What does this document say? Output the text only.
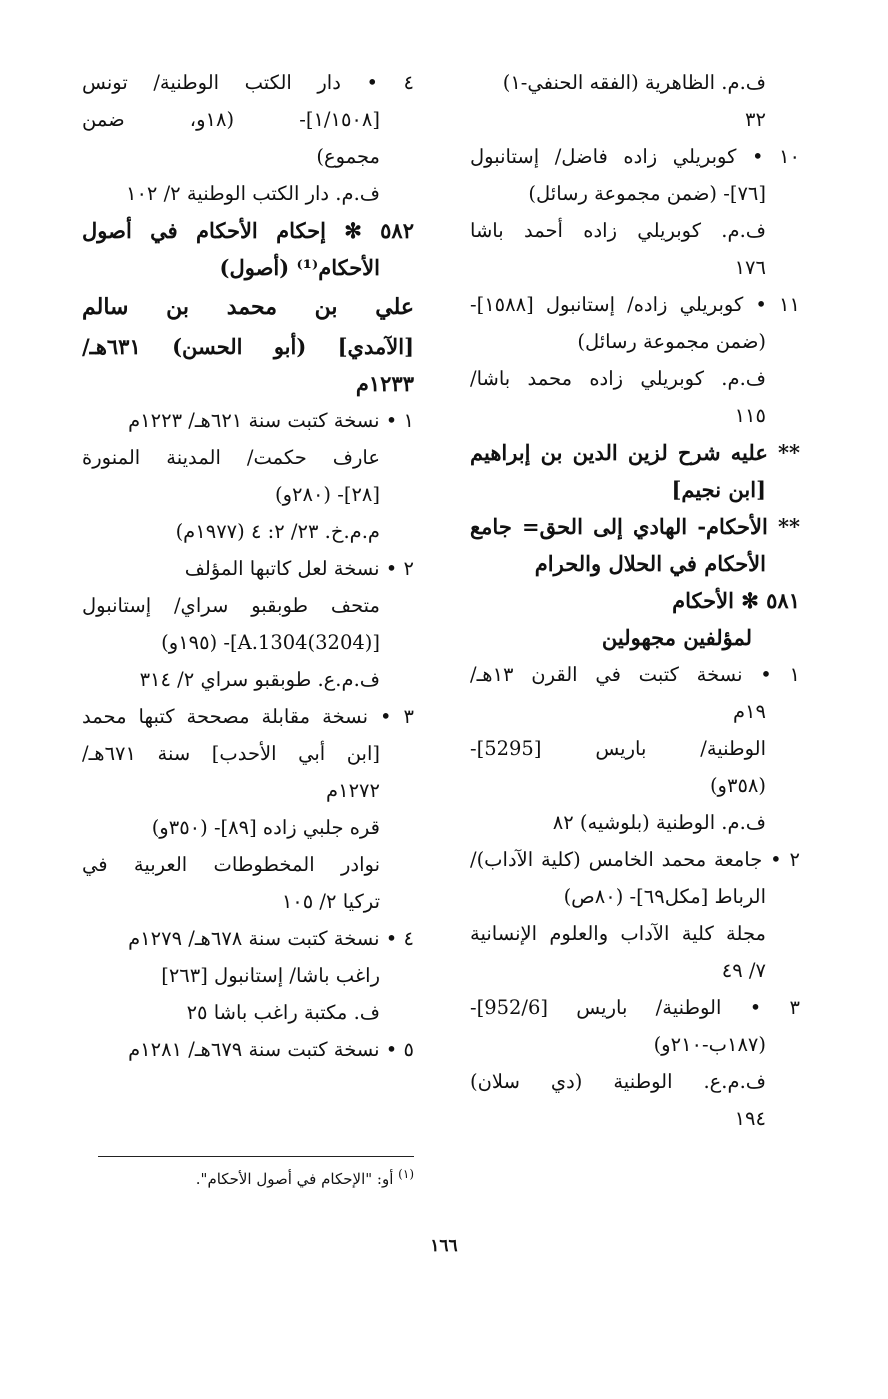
ف.م. الظاهرية (الفقه الحنفي-١)
٣٢
١٠ • كوبريلي زاده فاضل/ إستانبول
[٧٦]- (ضمن مجموعة رسائل)
ف.م. كوبريلي زاده أحمد باشا
١٧٦
١١ • كوبريلي زاده/ إستانبول [١٥٨٨]-
(ضمن مجموعة رسائل)
ف.م. كوبريلي زاده محمد باشا/
١١٥
** عليه شرح لزين الدين بن إبراهيم
[ابن نجيم]
** الأحكام- الهادي إلى الحق= جامع
الأحكام في الحلال والحرام
٥٨١ ✻ الأحكام
لمؤلفين مجهولين
١ • نسخة كتبت في القرن ١٣هـ/
١٩م
الوطنية/ باريس [5295]-
(٣٥٨و)
ف.م. الوطنية (بلوشيه) ٨٢
٢ • جامعة محمد الخامس (كلية الآداب)/
الرباط [مكل٦٩]- (٨٠ص)
مجلة كلية الآداب والعلوم الإنسانية
٧/ ٤٩
٣ • الوطنية/ باريس [952/6]-
(١٨٧ب-٢١٠و)
ف.م.ع. الوطنية (دي سلان)
١٩٤
٤ • دار الكتب الوطنية/ تونس
[١/١٥٠٨]- (١٨و، ضمن
مجموع)
ف.م. دار الكتب الوطنية ٢/ ١٠٢
٥٨٢ ✻ إحكام الأحكام في أصول
الأحكام⁽¹⁾ (أصول)
علي بن محمد بن سالم
[الآمدي] (أبو الحسن) ٦٣١هـ/
١٢٣٣م
١ • نسخة كتبت سنة ٦٢١هـ/ ١٢٢٣م
عارف حكمت/ المدينة المنورة
[٢٨]- (٢٨٠و)
م.م.خ. ٢٣/ ٢: ٤ (١٩٧٧م)
٢ • نسخة لعل كاتبها المؤلف
متحف طوبقبو سراي/ إستانبول
[A.1304(3204)]- (١٩٥و)
ف.م.ع. طوبقبو سراي ٢/ ٣١٤
٣ • نسخة مقابلة مصححة كتبها محمد
[ابن أبي الأحدب] سنة ٦٧١هـ/
١٢٧٢م
قره جلبي زاده [٨٩]- (٣٥٠و)
نوادر المخطوطات العربية في
تركيا ٢/ ١٠٥
٤ • نسخة كتبت سنة ٦٧٨هـ/ ١٢٧٩م
راغب باشا/ إستانبول [٢٦٣]
ف. مكتبة راغب باشا ٢٥
٥ • نسخة كتبت سنة ٦٧٩هـ/ ١٢٨١م
$^{(١)}$ أو: "الإحكام في أصول الأحكام".
١٦٦
